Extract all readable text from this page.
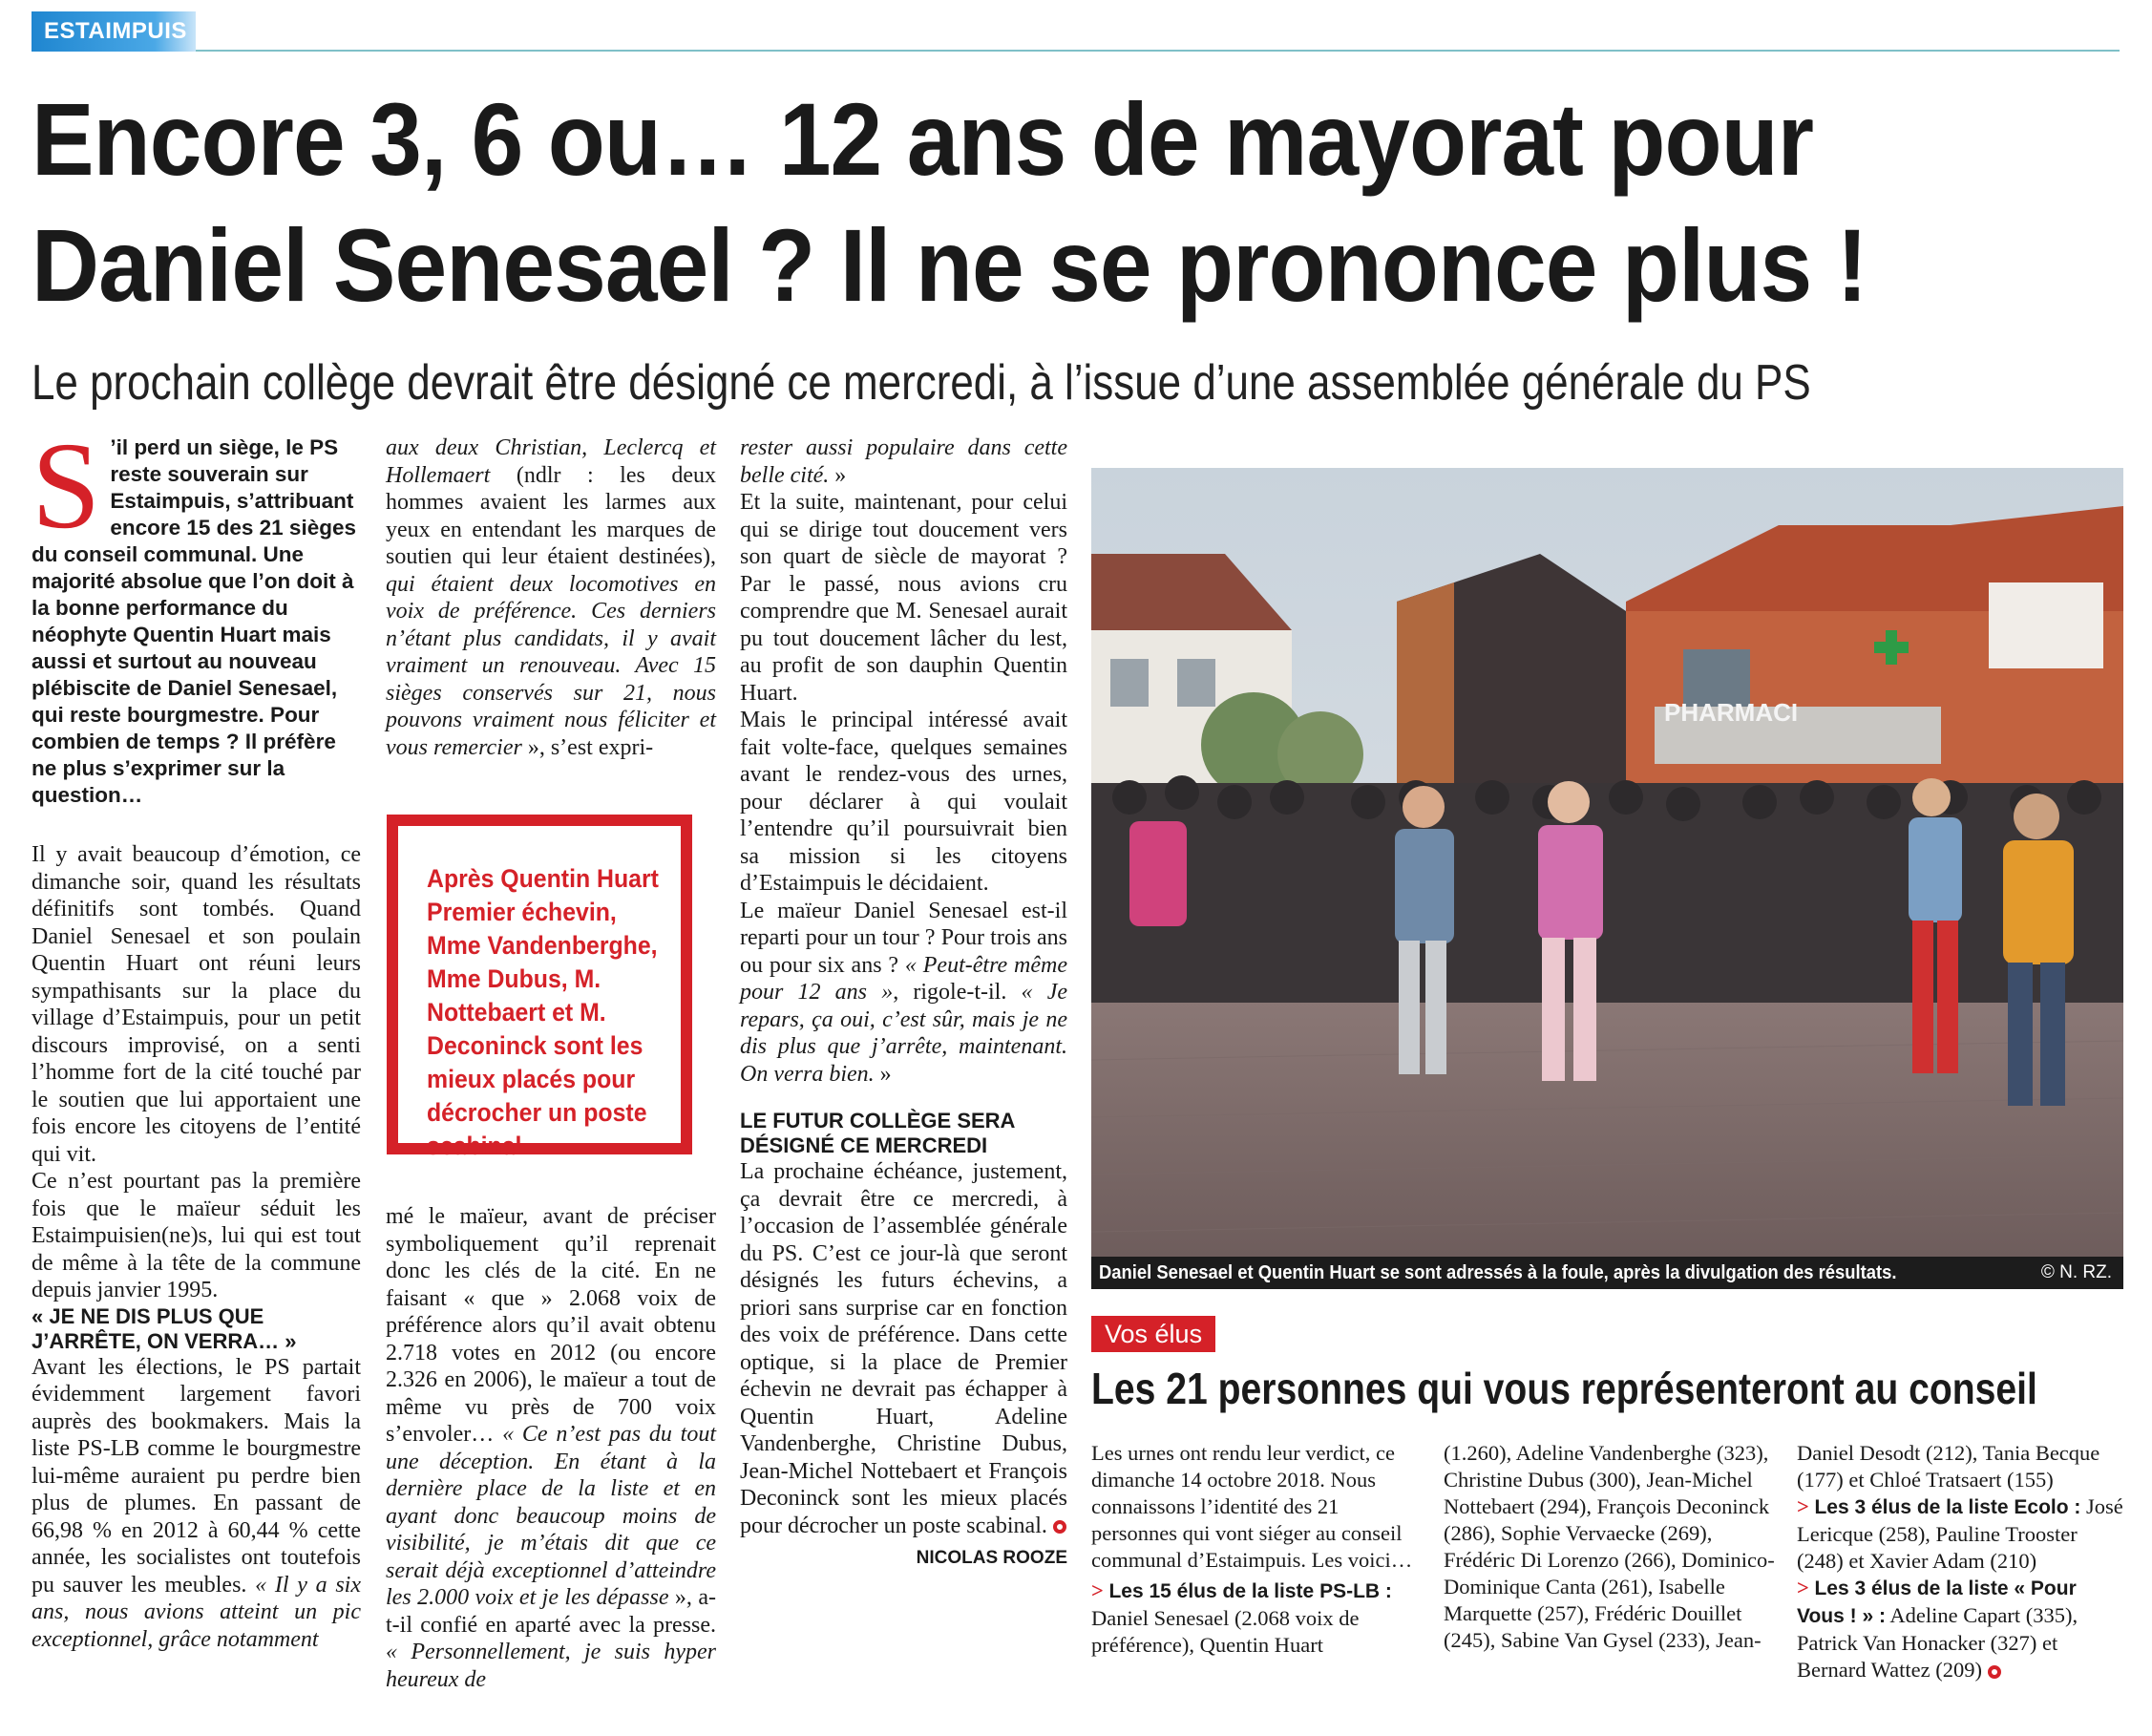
ESTAIMPUIS
Encore 3, 6 ou… 12 ans de mayorat pour Daniel Senesael ? Il ne se prononce plus !
Le prochain collège devrait être désigné ce mercredi, à l’issue d’une assemblée générale du PS
S ’il perd un siège, le PS reste souverain sur Estaimpuis, s’attribuant encore 15 des 21 sièges du conseil communal. Une majorité absolue que l’on doit à la bonne performance du néophyte Quentin Huart mais aussi et surtout au nouveau plébiscite de Daniel Senesael, qui reste bourgmestre. Pour combien de temps ? Il préfère ne plus s’exprimer sur la question…

Il y avait beaucoup d’émotion, ce dimanche soir, quand les résultats définitifs sont tombés. Quand Daniel Senesael et son poulain Quentin Huart ont réuni leurs sympathisants sur la place du village d’Estaimpuis, pour un petit discours improvisé, on a senti l’homme fort de la cité touché par le soutien que lui apportaient une fois encore les citoyens de l’entité qui vit.

Ce n’est pourtant pas la première fois que le maïeur séduit les Estaimpuisien(ne)s, lui qui est tout de même à la tête de la commune depuis janvier 1995.

« JE NE DIS PLUS QUE J’ARRÊTE, ON VERRA… »

Avant les élections, le PS partait évidemment largement favori auprès des bookmakers. Mais la liste PS-LB comme le bourgmestre lui-même auraient pu perdre bien plus de plumes. En passant de 66,98 % en 2012 à 60,44 % cette année, les socialistes ont toutefois pu sauver les meubles. « Il y a six ans, nous avions atteint un pic exceptionnel, grâce notamment

aux deux Christian, Leclercq et Hollemaert (ndlr : les deux hommes avaient les larmes aux yeux en entendant les marques de soutien qui leur étaient destinées), qui étaient deux locomotives en voix de préférence. Ces derniers n’étant plus candidats, il y avait vraiment un renouveau. Avec 15 sièges conservés sur 21, nous pouvons vraiment nous féliciter et vous remercier », s’est expri-

Après Quentin Huart Premier échevin, Mme Vandenberghe, Mme Dubus, M. Nottebaert et M. Deconinck sont les mieux placés pour décrocher un poste scabinal

mé le maïeur, avant de préciser symboliquement qu’il reprenait donc les clés de la cité. En ne faisant « que » 2.068 voix de préférence alors qu’il avait obtenu 2.718 votes en 2012 (ou encore 2.326 en 2006), le maïeur a tout de même vu près de 700 voix s’envoler… « Ce n’est pas du tout une déception. En étant à la dernière place de la liste et en ayant donc beaucoup moins de visibilité, je m’étais dit que ce serait déjà exceptionnel d’atteindre les 2.000 voix et je les dépasse », a-t-il confié en aparté avec la presse. « Personnellement, je suis hyper heureux de

rester aussi populaire dans cette belle cité. »

Et la suite, maintenant, pour celui qui se dirige tout doucement vers son quart de siècle de mayorat ? Par le passé, nous avions cru comprendre que M. Senesael aurait pu tout doucement lâcher du lest, au profit de son dauphin Quentin Huart.

Mais le principal intéressé avait fait volte-face, quelques semaines avant le rendez-vous des urnes, pour déclarer à qui voulait l’entendre qu’il poursuivrait bien sa mission si les citoyens d’Estaimpuis le décidaient.

Le maïeur Daniel Senesael est-il reparti pour un tour ? Pour trois ans ou pour six ans ? « Peut-être même pour 12 ans », rigole-t-il. « Je repars, ça oui, c’est sûr, mais je ne dis plus que j’arrête, maintenant. On verra bien. »

LE FUTUR COLLÈGE SERA DÉSIGNÉ CE MERCREDI

La prochaine échéance, justement, ça devrait être ce mercredi, à l’occasion de l’assemblée générale du PS. C’est ce jour-là que seront désignés les futurs échevins, a priori sans surprise car en fonction des voix de préférence. Dans cette optique, si la place de Premier échevin ne devrait pas échapper à Quentin Huart, Adeline Vandenberghe, Christine Dubus, Jean-Michel Nottebaert et François Deconinck sont les mieux placés pour décrocher un poste scabinal.

NICOLAS ROOZE

PHARMACI
Daniel Senesael et Quentin Huart se sont adressés à la foule, après la divulgation des résultats.	© N. RZ.
Vos élus
Les 21 personnes qui vous représenteront au conseil

Les urnes ont rendu leur verdict, ce dimanche 14 octobre 2018. Nous connaissons l’identité des 21 personnes qui vont siéger au conseil communal d’Estaimpuis. Les voici…

> Les 15 élus de la liste PS-LB : Daniel Senesael (2.068 voix de préférence), Quentin Huart

(1.260), Adeline Vandenberghe (323), Christine Dubus (300), Jean-Michel Nottebaert (294), François Deconinck (286), Sophie Vervaecke (269), Frédéric Di Lorenzo (266), Dominico-Dominique Canta (261), Isabelle Marquette (257), Frédéric Douillet (245), Sabine Van Gysel (233), Jean-

Daniel Desodt (212), Tania Becque (177) et Chloé Tratsaert (155)

> Les 3 élus de la liste Ecolo : José Lericque (258), Pauline Trooster (248) et Xavier Adam (210)

> Les 3 élus de la liste « Pour Vous ! » : Adeline Capart (335), Patrick Van Honacker (327) et Bernard Wattez (209)
